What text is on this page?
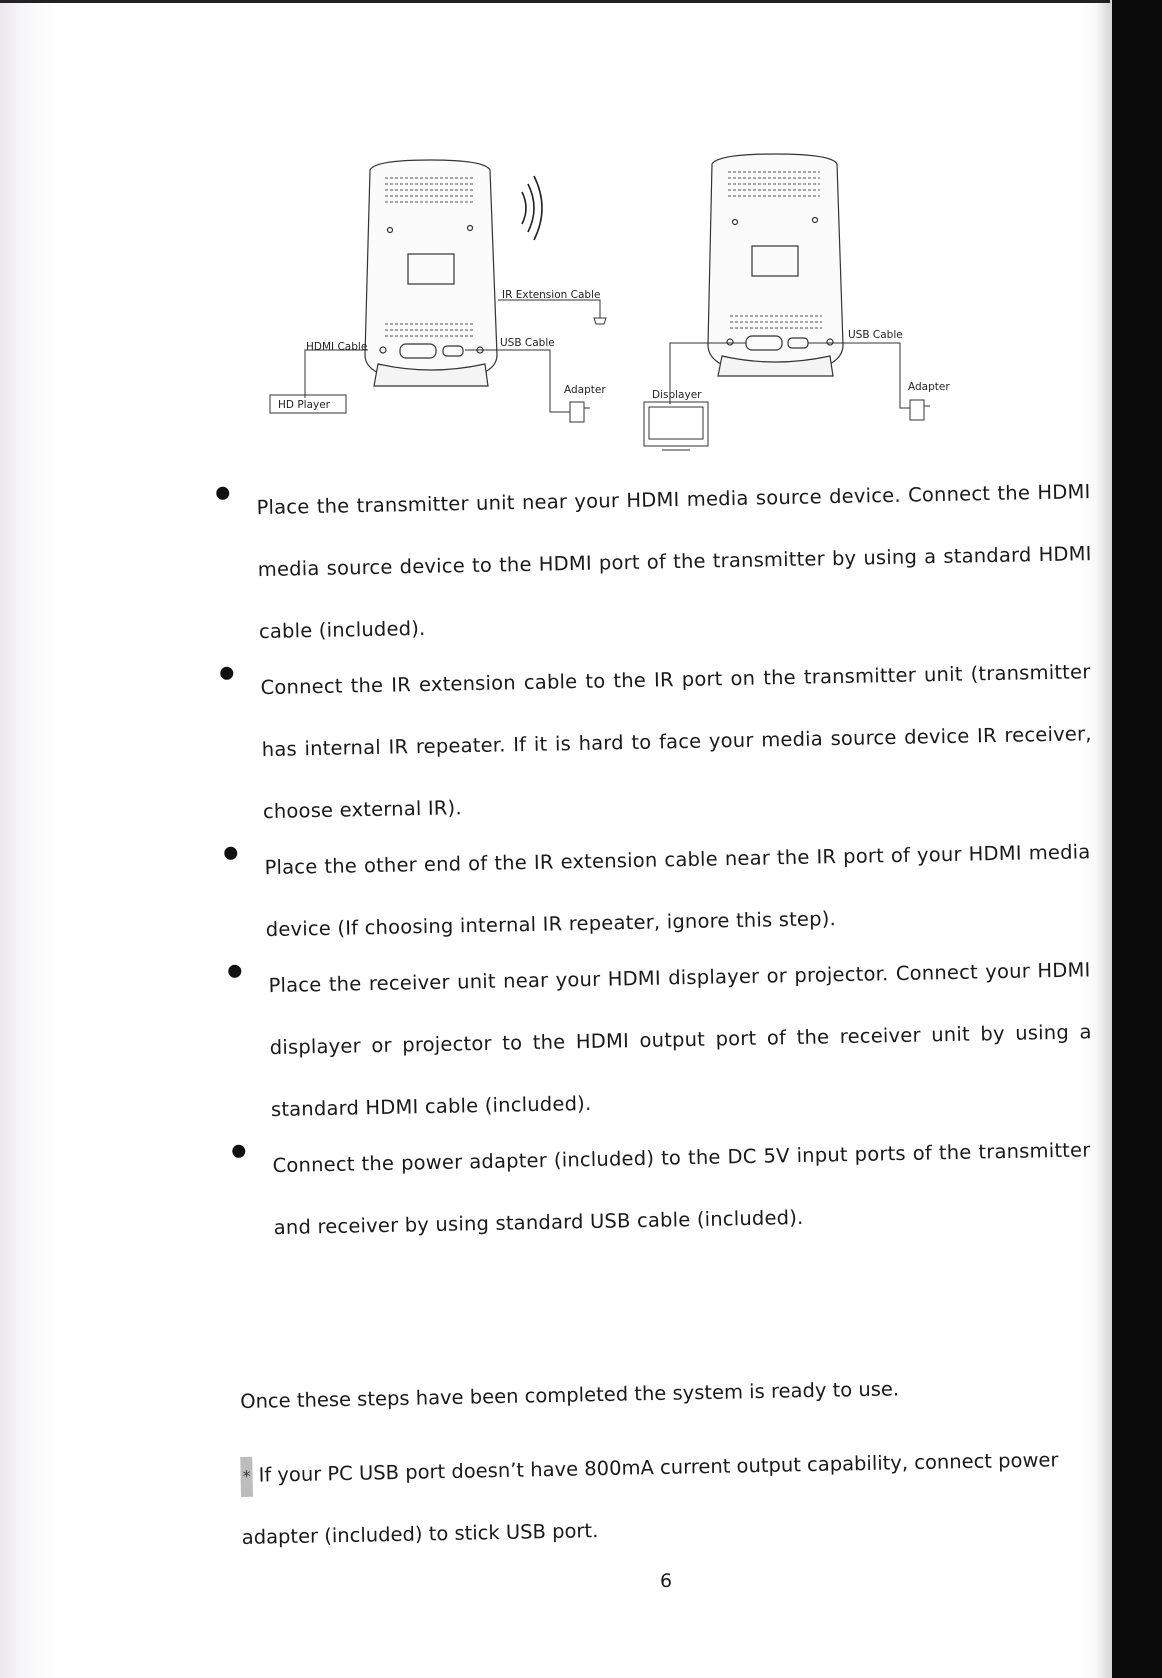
HDMI Cable
HD Player
IR Extension Cable
USB Cable
Adapter	Displayer
USB Cable
Adapter
Place the transmitter unit near your HDMI media source device. Connect the HDMI media source device to the HDMI port of the transmitter by using a standard HDMI cable (included).
Connect the IR extension cable to the IR port on the transmitter unit (transmitter has internal IR repeater. If it is hard to face your media source device IR receiver, choose external IR).
Place the other end of the IR extension cable near the IR port of your HDMI media device (If choosing internal IR repeater, ignore this step).
Place the receiver unit near your HDMI displayer or projector. Connect your HDMI displayer or projector to the HDMI output port of the receiver unit by using a standard HDMI cable (included).
Connect the power adapter (included) to the DC 5V input ports of the transmitter and receiver by using standard USB cable (included).
Once these steps have been completed the system is ready to use.
* If your PC USB port doesn’t have 800mA current output capability, connect power adapter (included) to stick USB port.
6
